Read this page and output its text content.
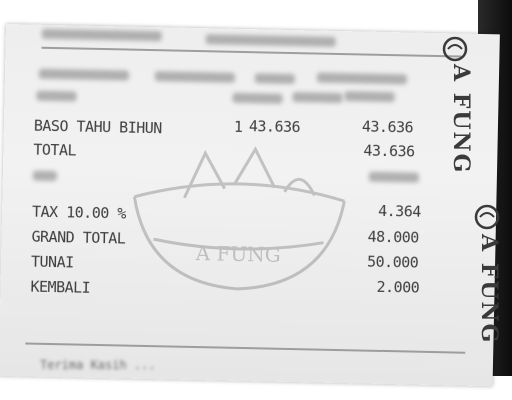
A FUNG
BASO TAHU BIHUN	1 43.636	43.636
TOTAL	43.636
TAX 10.00 %	4.364
GRAND TOTAL	48.000
TUNAI	50.000
KEMBALI	2.000
A FUNG
A FUNG
Terima Kasih ...
